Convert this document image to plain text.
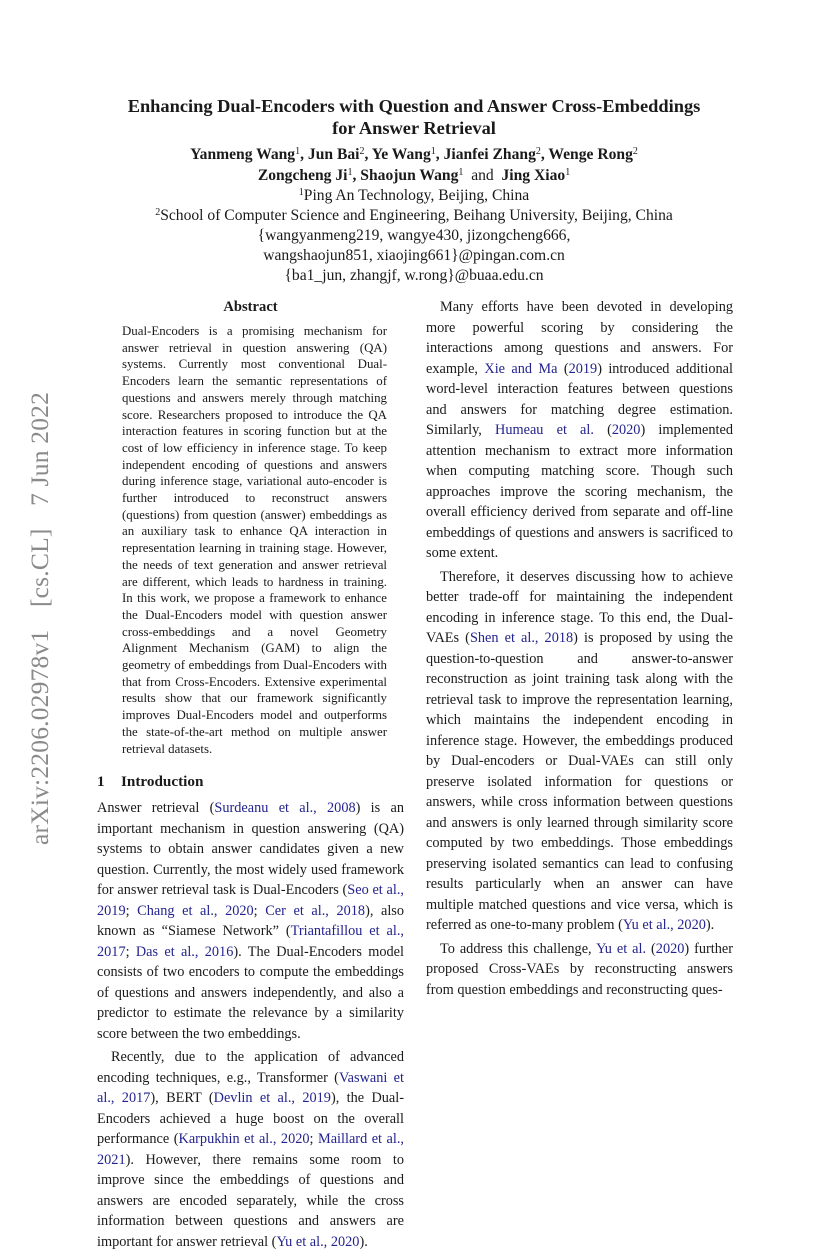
arXiv:2206.02978v1 [cs.CL] 7 Jun 2022
Enhancing Dual-Encoders with Question and Answer Cross-Embeddings
for Answer Retrieval
Yanmeng Wang$^1$, Jun Bai$^2$, Ye Wang$^1$, Jianfei Zhang$^2$, Wenge Rong$^2$
Zongcheng Ji$^1$, Shaojun Wang$^1$ and Jing Xiao$^1$
$^1$Ping An Technology, Beijing, China
$^2$School of Computer Science and Engineering, Beihang University, Beijing, China
{wangyanmeng219, wangye430, jizongcheng666,
wangshaojun851, xiaojing661}@pingan.com.cn
{ba1_jun, zhangjf, w.rong}@buaa.edu.cn
Abstract

Dual-Encoders is a promising mechanism for answer retrieval in question answering (QA) systems. Currently most conventional Dual-Encoders learn the semantic representations of questions and answers merely through matching score. Researchers proposed to introduce the QA interaction features in scoring function but at the cost of low efficiency in inference stage. To keep independent encoding of questions and answers during inference stage, variational auto-encoder is further introduced to reconstruct answers (questions) from question (answer) embeddings as an auxiliary task to enhance QA interaction in representation learning in training stage. However, the needs of text generation and answer retrieval are different, which leads to hardness in training. In this work, we propose a framework to enhance the Dual-Encoders model with question answer cross-embeddings and a novel Geometry Alignment Mechanism (GAM) to align the geometry of embeddings from Dual-Encoders with that from Cross-Encoders. Extensive experimental results show that our framework significantly improves Dual-Encoders model and outperforms the state-of-the-art method on multiple answer retrieval datasets.

1 Introduction

Answer retrieval (Surdeanu et al., 2008) is an important mechanism in question answering (QA) systems to obtain answer candidates given a new question. Currently, the most widely used framework for answer retrieval task is Dual-Encoders (Seo et al., 2019; Chang et al., 2020; Cer et al., 2018), also known as “Siamese Network” (Triantafillou et al., 2017; Das et al., 2016). The Dual-Encoders model consists of two encoders to compute the embeddings of questions and answers independently, and also a predictor to estimate the relevance by a similarity score between the two embeddings.

Recently, due to the application of advanced encoding techniques, e.g., Transformer (Vaswani et al., 2017), BERT (Devlin et al., 2019), the Dual-Encoders achieved a huge boost on the overall performance (Karpukhin et al., 2020; Maillard et al., 2021). However, there remains some room to improve since the embeddings of questions and answers are encoded separately, while the cross information between questions and answers are important for answer retrieval (Yu et al., 2020).

Many efforts have been devoted in developing more powerful scoring by considering the interactions among questions and answers. For example, Xie and Ma (2019) introduced additional word-level interaction features between questions and answers for matching degree estimation. Similarly, Humeau et al. (2020) implemented attention mechanism to extract more information when computing matching score. Though such approaches improve the scoring mechanism, the overall efficiency derived from separate and off-line embeddings of questions and answers is sacrificed to some extent.

Therefore, it deserves discussing how to achieve better trade-off for maintaining the independent encoding in inference stage. To this end, the Dual-VAEs (Shen et al., 2018) is proposed by using the question-to-question and answer-to-answer reconstruction as joint training task along with the retrieval task to improve the representation learning, which maintains the independent encoding in inference stage. However, the embeddings produced by Dual-encoders or Dual-VAEs can still only preserve isolated information for questions or answers, while cross information between questions and answers is only learned through similarity score computed by two embeddings. Those embeddings preserving isolated semantics can lead to confusing results particularly when an answer can have multiple matched questions and vice versa, which is referred as one-to-many problem (Yu et al., 2020).

To address this challenge, Yu et al. (2020) further proposed Cross-VAEs by reconstructing answers from question embeddings and reconstructing ques-
